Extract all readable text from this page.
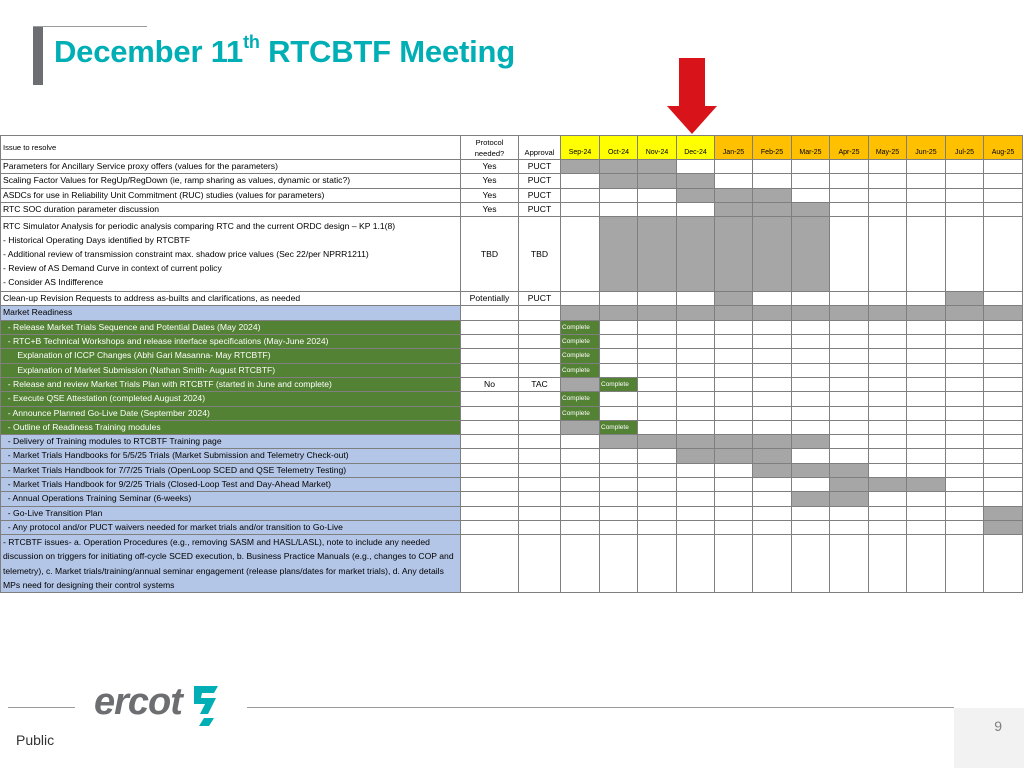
December 11th RTCBTF Meeting
Issue to resolve	Protocol needed?	Approval	Sep-24	Oct-24	Nov-24	Dec-24	Jan-25	Feb-25	Mar-25	Apr-25	May-25	Jun-25	Jul-25	Aug-25
Parameters for Ancillary Service proxy offers (values for the parameters)	Yes	PUCT												
Scaling Factor Values for RegUp/RegDown (ie, ramp sharing as values, dynamic or static?)	Yes	PUCT												
ASDCs for use in Reliability Unit Commitment (RUC) studies (values for parameters)	Yes	PUCT												
RTC SOC duration parameter discussion	Yes	PUCT												

RTC Simulator Analysis for periodic analysis comparing RTC and the current ORDC design – KP 1.1(8)
- Historical Operating Days identified by RTCBTF
- Additional review of transmission constraint max. shadow price values (Sec 22/per NPRR1211)
- Review of AS Demand Curve in context of current policy
- Consider AS Indifference	TBD	TBD												
Clean-up Revision Requests to address as-builts and clarifications, as needed	Potentially	PUCT												
Market Readiness														
- Release Market Trials Sequence and Potential Dates (May 2024)			Complete											
- RTC+B Technical Workshops and release interface specifications (May-June 2024)			Complete											
Explanation of ICCP Changes (Abhi Gari Masanna- May RTCBTF)			Complete											
Explanation of Market Submission (Nathan Smith- August RTCBTF)			Complete											
- Release and review Market Trials Plan with RTCBTF (started in June and complete)	No	TAC		Complete										
- Execute QSE Attestation (completed August 2024)			Complete											
- Announce Planned Go-Live Date (September 2024)			Complete											
- Outline of Readiness Training modules				Complete										
- Delivery of Training modules to RTCBTF Training page														
- Market Trials Handbooks for 5/5/25 Trials (Market Submission and Telemetry Check-out)														
- Market Trials Handbook for 7/7/25 Trials (OpenLoop SCED and QSE Telemetry Testing)														
- Market Trials Handbook for 9/2/25 Trials (Closed-Loop Test and Day-Ahead Market)														
- Annual Operations Training Seminar (6-weeks)														
- Go-Live Transition Plan														
- Any protocol and/or PUCT waivers needed for market trials and/or transition to Go-Live														
- RTCBTF issues- a. Operation Procedures (e.g., removing SASM and HASL/LASL), note to include any needed discussion on triggers for initiating off-cycle SCED execution, b. Business Practice Manuals (e.g., changes to COP and telemetry), c. Market trials/training/annual seminar engagement (release plans/dates for market trials), d. Any details MPs need for designing their control systems														
ercot
Public
9
